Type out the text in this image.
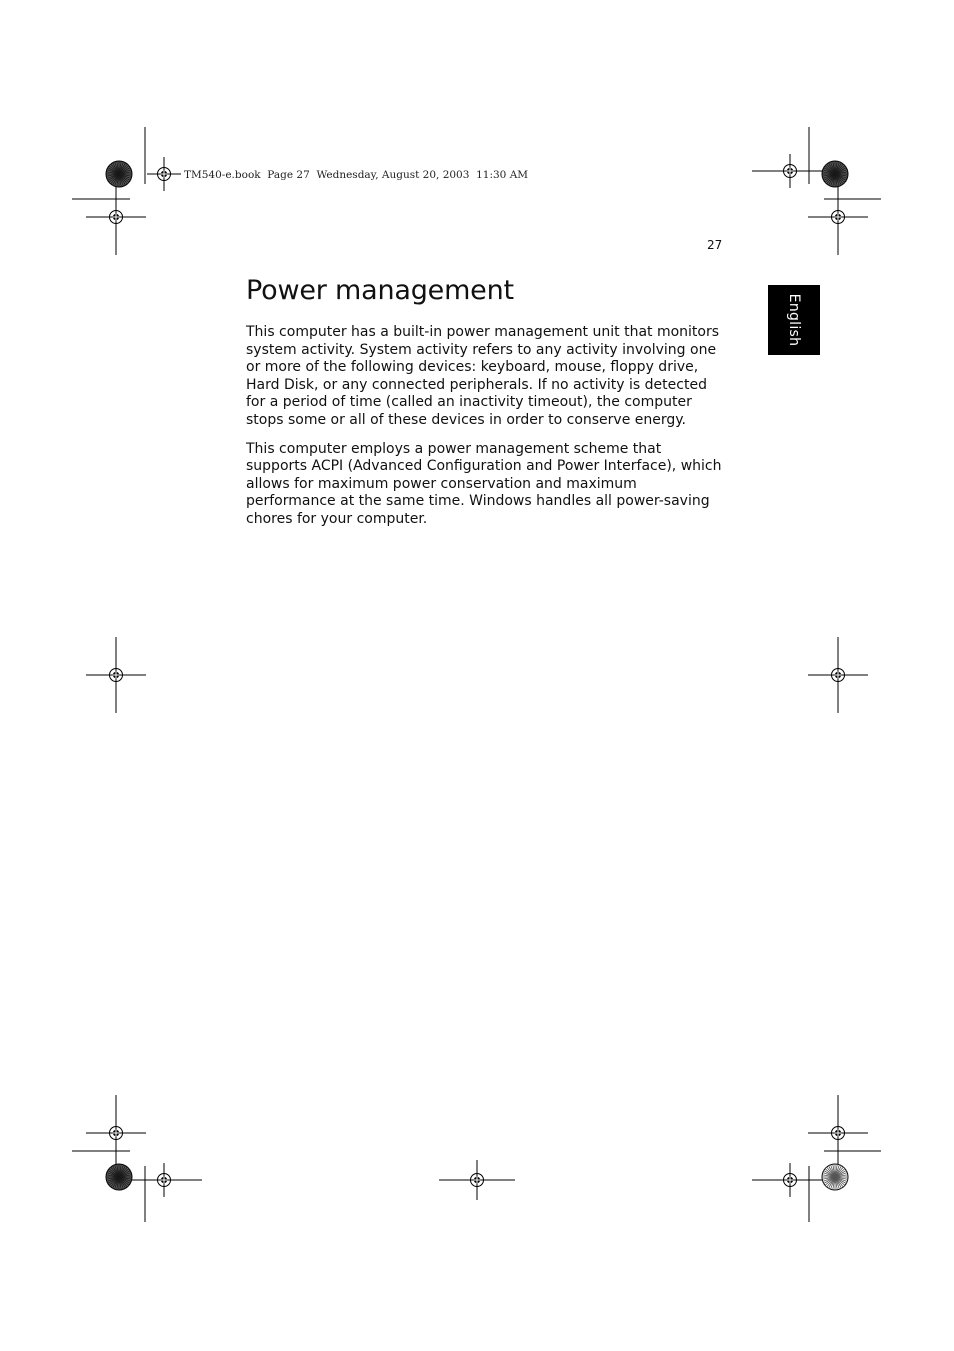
TM540-e.book  Page 27  Wednesday, August 20, 2003  11:30 AM
27
English
Power management

This computer has a built-in power management unit that monitors system activity. System activity refers to any activity involving one or more of the following devices: keyboard, mouse, floppy drive, Hard Disk, or any connected peripherals. If no activity is detected for a period of time (called an inactivity timeout), the computer stops some or all of these devices in order to conserve energy.

This computer employs a power management scheme that supports ACPI (Advanced Configuration and Power Interface), which allows for maximum power conservation and maximum performance at the same time. Windows handles all power-saving chores for your computer.
